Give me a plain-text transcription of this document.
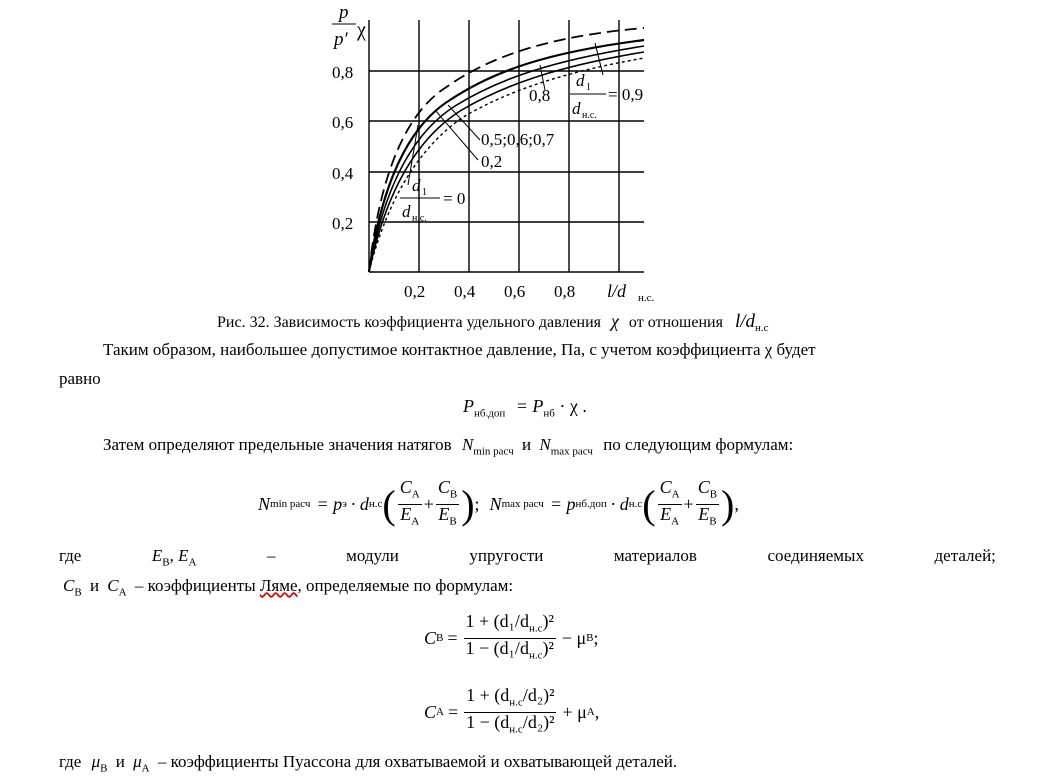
p
p′ χ
0,8
0,6
0,4
0,2
0,2 0,4 0,6 0,8 l/d н.с.
0,8
d 1
d н.с.
= 0,9
0,5;0,6;0,7
0,2
d 1
d н.с.
= 0
Рис. 32. Зависимость коэффициента удельного давления χ от отношения $l/d_{н.с}$
Таким образом, наибольшее допустимое контактное давление, Па, с учетом коэффициента χ будет
равно
$P_{нб.доп} = P_{нб} \cdot \chi$ .
Затем определяют предельные значения натягов $N_{min расч}$ и $N_{max расч}$ по следующим формулам:
N min расч = p э · d н.с ( $\frac{C_A}{E_A} + \frac{C_B}{E_B}$ ) ; N max расч = p нб.доп · d н.с ( $\frac{C_A}{E_A} + \frac{C_B}{E_B}$ ) ,
где	$E_B$, $E_A$	–	модули	упругости	материалов	соединяемых	деталей;
$C_B$ и $C_A$ – коэффициенты Ляме, определяемые по формулам:
C $B = \frac{1 + (d_1/d_{н.с})^2}{1 - (d_1/d_{н.с})^2} - \mu$ B ;
C $A = \frac{1 + (d_{н.с}/d_2)^2}{1 - (d_{н.с}/d_2)^2} + \mu$ A ,
где $\mu_B$ и $\mu_A$ – коэффициенты Пуассона для охватываемой и охватывающей деталей.
